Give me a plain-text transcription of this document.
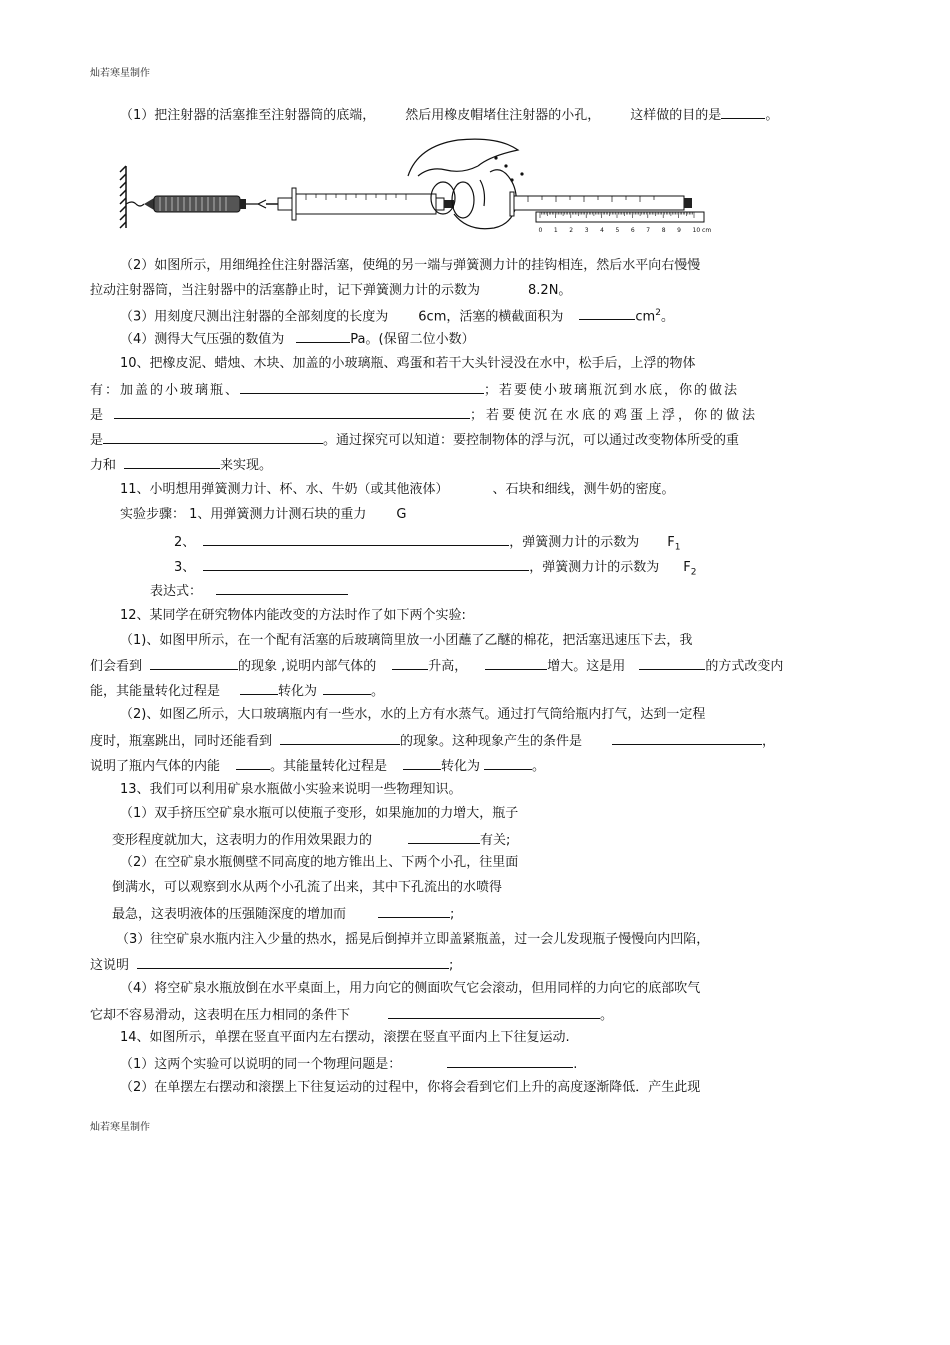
灿若寒星制作
（1）把注射器的活塞推至注射器筒的底端， 然后用橡皮帽堵住注射器的小孔， 这样做的目的是	。
0 1 2 3 4 5 6 7 8 9 10 cm
（2）如图所示，用细绳拴住注射器活塞，使绳的另一端与弹簧测力计的挂钩相连，然后水平向右慢慢
拉动注射器筒，当注射器中的活塞静止时，记下弹簧测力计的示数为	8.2N。
（3）用刻度尺测出注射器的全部刻度的长度为 6cm，活塞的横截面积为	$cm^2$。
（4）测得大气压强的数值为	Pa。(保留二位小数）
10、把橡皮泥、蜡烛、木块、加盖的小玻璃瓶、鸡蛋和若干大头针浸没在水中，松手后，上浮的物体
有：加盖的小玻璃瓶、	；若要使小玻璃瓶沉到水底，你的做法
是	；若要使沉在水底的鸡蛋上浮，你的做法
是	。通过探究可以知道：要控制物体的浮与沉，可以通过改变物体所受的重
力和	来实现。
11、小明想用弹簧测力计、杯、水、牛奶（或其他液体）	、石块和细线，测牛奶的密度。
实验步骤： 1、用弹簧测力计测石块的重力 G
2、	，弹簧测力计的示数为 $F_1$
3、	，弹簧测力计的示数为 $F_2$
表达式：
12、某同学在研究物体内能改变的方法时作了如下两个实验:
（1)、如图甲所示，在一个配有活塞的后玻璃筒里放一小团蘸了乙醚的棉花，把活塞迅速压下去，我
们会看到	的现象 ,说明内部气体的	升高，	增大。这是用	的方式改变内
能，其能量转化过程是	转化为	。
（2)、如图乙所示，大口玻璃瓶内有一些水，水的上方有水蒸气。通过打气筒给瓶内打气，达到一定程
度时，瓶塞跳出，同时还能看到	的现象。这种现象产生的条件是	，
说明了瓶内气体的内能	。其能量转化过程是	转化为	。
13、我们可以利用矿泉水瓶做小实验来说明一些物理知识。
（1）双手挤压空矿泉水瓶可以使瓶子变形，如果施加的力增大，瓶子
变形程度就加大，这表明力的作用效果跟力的	有关;
（2）在空矿泉水瓶侧壁不同高度的地方锥出上、下两个小孔，往里面
倒满水，可以观察到水从两个小孔流了出来，其中下孔流出的水喷得
最急，这表明液体的压强随深度的增加而	;
（3）往空矿泉水瓶内注入少量的热水，摇晃后倒掉并立即盖紧瓶盖，过一会儿发现瓶子慢慢向内凹陷，
这说明	;
（4）将空矿泉水瓶放倒在水平桌面上，用力向它的侧面吹气它会滚动，但用同样的力向它的底部吹气
它却不容易滑动，这表明在压力相同的条件下	。
14、如图所示，单摆在竖直平面内左右摆动，滚摆在竖直平面内上下往复运动.
（1）这两个实验可以说明的同一个物理问题是：	.
（2）在单摆左右摆动和滚摆上下往复运动的过程中，你将会看到它们上升的高度逐渐降低．产生此现
灿若寒星制作
